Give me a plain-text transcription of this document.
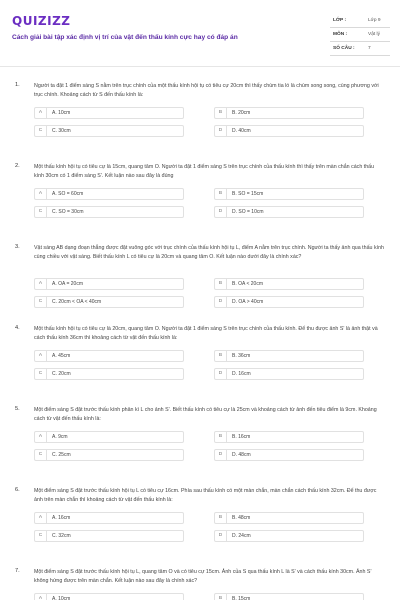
QUIZIZZ
Cách giải bài tập xác định vị trí của vật đến thấu kính cực hay có đáp án
LỚP :	Lớp 9
MÔN :	Vật lý
SỐ CÂU :	7
1.	Người ta đặt 1 điểm sáng S nằm trên trục chính của một thấu kính hội tụ có tiêu cự 20cm thì thấy chùm tia ló là chùm song song, cùng phương với trục chính. Khoảng cách từ S đến thấu kính là:
A	A. 10cm	B	B. 20cm
C	C. 30cm	D	D. 40cm
2.	Một thấu kính hội tụ có tiêu cự là 15cm, quang tâm O. Người ta đặt 1 điểm sáng S trên trục chính của thấu kính thì thấy trên màn chắn cách thấu kính 30cm có 1 điểm sáng S'. Kết luận nào sau đây là đúng
A	A. SO = 60cm	B	B. SO = 15cm
C	C. SO = 30cm	D	D. SO = 10cm
3.	Vật sáng AB dạng đoạn thẳng được đặt vuông góc với trục chính của thấu kính hội tụ L, điểm A nằm trên trục chính. Người ta thấy ảnh qua thấu kính cùng chiều với vật sáng. Biết thấu kính L có tiêu cự là 20cm và quang tâm O. Kết luận nào dưới đây là chính xác?
A	A. OA = 20cm	B	B. OA < 20cm
C	C. 20cm < OA < 40cm	D	D. OA > 40cm
4.	Một thấu kính hội tụ có tiêu cự là 20cm, quang tâm O. Người ta đặt 1 điểm sáng S trên trục chính của thấu kính. Để thu được ảnh S' là ảnh thật và cách thấu kính 36cm thì khoảng cách từ vật đến thấu kính là:
A	A. 45cm	B	B. 36cm
C	C. 20cm	D	D. 16cm
5.	Một điểm sáng S đặt trước thấu kính phân kì L cho ảnh S'. Biết thấu kính có tiêu cự là 25cm và khoảng cách từ ảnh đến tiêu điểm là 9cm. Khoảng cách từ vật đến thấu kính là:
A	A. 9cm	B	B. 16cm
C	C. 25cm	D	D. 48cm
6.	Một điểm sáng S đặt trước thấu kính hội tụ L có tiêu cự 16cm. Phía sau thấu kính có một màn chắn, màn chắn cách thấu kính 32cm. Để thu được ảnh trên màn chắn thì khoảng cách từ vật đến thấu kính là:
A	A. 16cm	B	B. 48cm
C	C. 32cm	D	D. 24cm
7.	Một điểm sáng S đặt trước thấu kính hội tụ L, quang tâm O và có tiêu cự 15cm. Ảnh của S qua thấu kính L là S' và cách thấu kính 30cm. Ảnh S' không hứng được trên màn chắn. Kết luận nào sau đây là chính xác?
A	A. 10cm	B	B. 15cm
